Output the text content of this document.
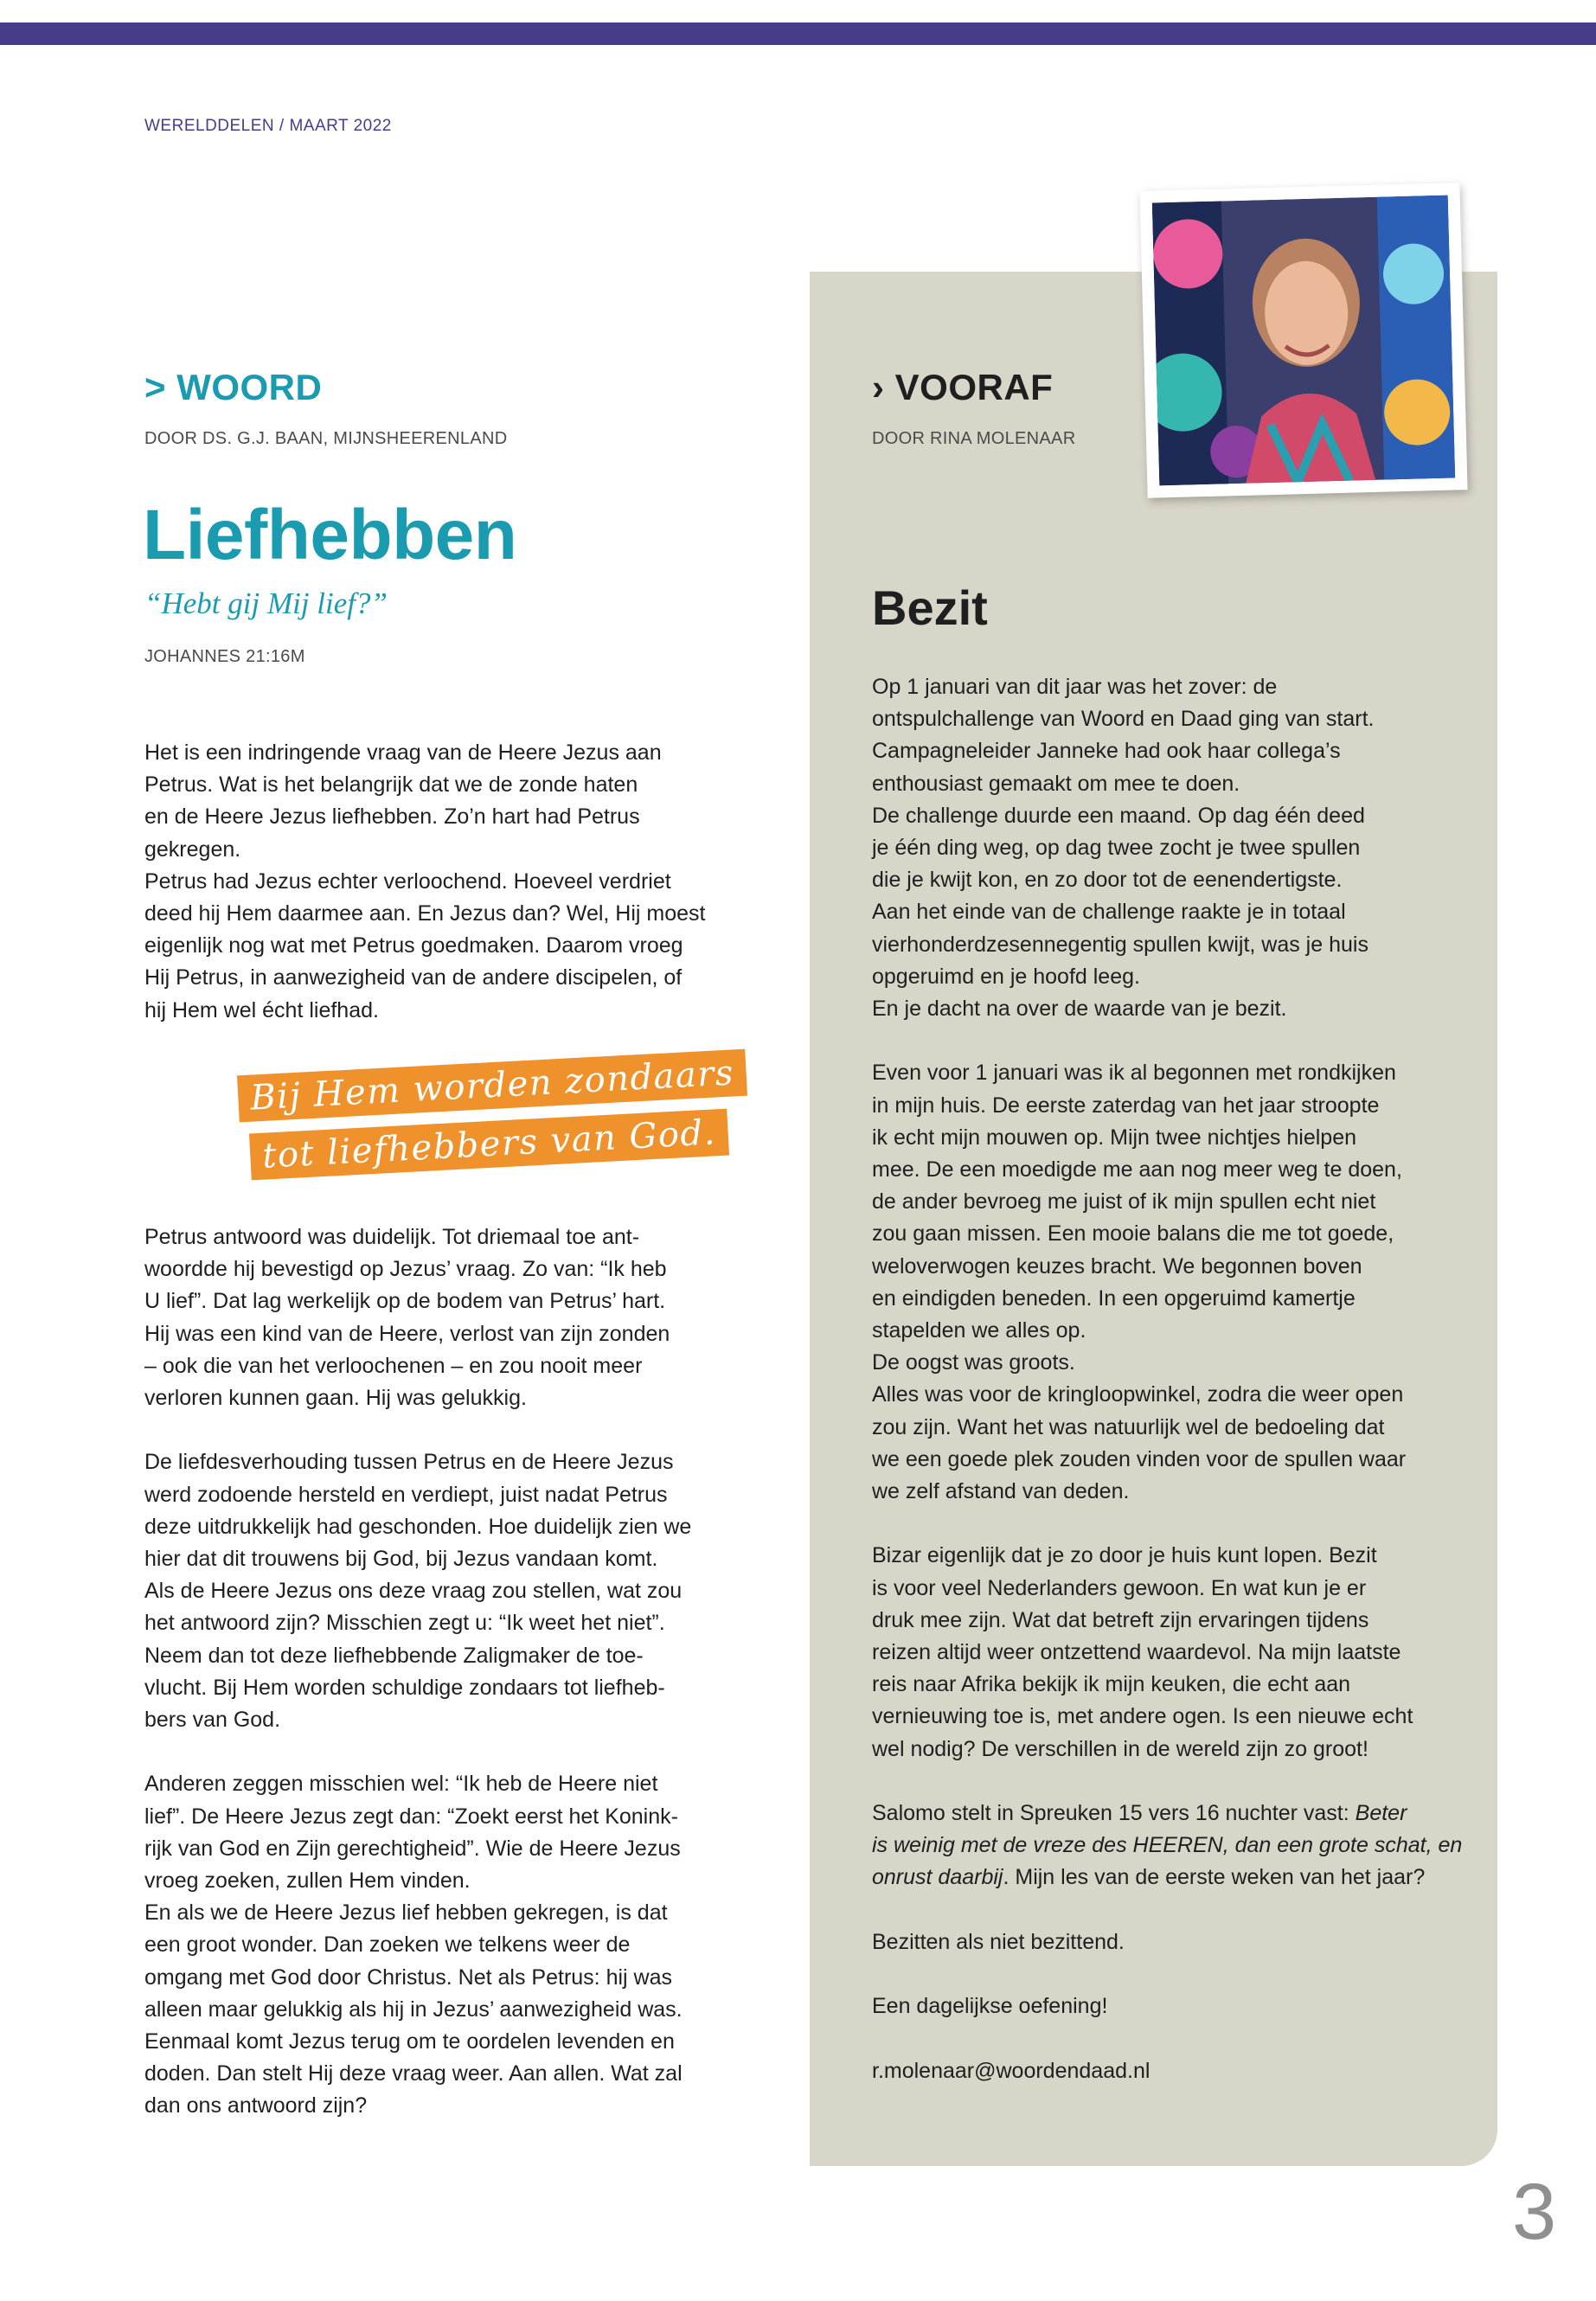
WERELDDELEN / MAART 2022
> WOORD
DOOR DS. G.J. BAAN, MIJNSHEERENLAND
Liefhebben
“Hebt gij Mij lief?”
JOHANNES 21:16M

Het is een indringende vraag van de Heere Jezus aan
Petrus. Wat is het belangrijk dat we de zonde haten
en de Heere Jezus liefhebben. Zo’n hart had Petrus
gekregen.
Petrus had Jezus echter verloochend. Hoeveel verdriet
deed hij Hem daarmee aan. En Jezus dan? Wel, Hij moest
eigenlijk nog wat met Petrus goedmaken. Daarom vroeg
Hij Petrus, in aanwezigheid van de andere discipelen, of
hij Hem wel écht liefhad.

Bij Hem worden zondaars
tot liefhebbers van God.

Petrus antwoord was duidelijk. Tot driemaal toe ant-
woordde hij bevestigd op Jezus’ vraag. Zo van: “Ik heb
U lief”. Dat lag werkelijk op de bodem van Petrus’ hart.
Hij was een kind van de Heere, verlost van zijn zonden
– ook die van het verloochenen – en zou nooit meer
verloren kunnen gaan. Hij was gelukkig.

De liefdesverhouding tussen Petrus en de Heere Jezus
werd zodoende hersteld en verdiept, juist nadat Petrus
deze uitdrukkelijk had geschonden. Hoe duidelijk zien we
hier dat dit trouwens bij God, bij Jezus vandaan komt.
Als de Heere Jezus ons deze vraag zou stellen, wat zou
het antwoord zijn? Misschien zegt u: “Ik weet het niet”.
Neem dan tot deze liefhebbende Zaligmaker de toe-
vlucht. Bij Hem worden schuldige zondaars tot liefheb-
bers van God.

Anderen zeggen misschien wel: “Ik heb de Heere niet
lief”. De Heere Jezus zegt dan: “Zoekt eerst het Konink-
rijk van God en Zijn gerechtigheid”. Wie de Heere Jezus
vroeg zoeken, zullen Hem vinden.
En als we de Heere Jezus lief hebben gekregen, is dat
een groot wonder. Dan zoeken we telkens weer de
omgang met God door Christus. Net als Petrus: hij was
alleen maar gelukkig als hij in Jezus’ aanwezigheid was.
Eenmaal komt Jezus terug om te oordelen levenden en
doden. Dan stelt Hij deze vraag weer. Aan allen. Wat zal
dan ons antwoord zijn?

› VOORAF
DOOR RINA MOLENAAR
Bezit

Op 1 januari van dit jaar was het zover: de
ontspulchallenge van Woord en Daad ging van start.
Campagneleider Janneke had ook haar collega’s
enthousiast gemaakt om mee te doen.
De challenge duurde een maand. Op dag één deed
je één ding weg, op dag twee zocht je twee spullen
die je kwijt kon, en zo door tot de eenendertigste.
Aan het einde van de challenge raakte je in totaal
vierhonderdzesennegentig spullen kwijt, was je huis
opgeruimd en je hoofd leeg.
En je dacht na over de waarde van je bezit.

Even voor 1 januari was ik al begonnen met rondkijken
in mijn huis. De eerste zaterdag van het jaar stroopte
ik echt mijn mouwen op. Mijn twee nichtjes hielpen
mee. De een moedigde me aan nog meer weg te doen,
de ander bevroeg me juist of ik mijn spullen echt niet
zou gaan missen. Een mooie balans die me tot goede,
weloverwogen keuzes bracht. We begonnen boven
en eindigden beneden. In een opgeruimd kamertje
stapelden we alles op.
De oogst was groots.
Alles was voor de kringloopwinkel, zodra die weer open
zou zijn. Want het was natuurlijk wel de bedoeling dat
we een goede plek zouden vinden voor de spullen waar
we zelf afstand van deden.

Bizar eigenlijk dat je zo door je huis kunt lopen. Bezit
is voor veel Nederlanders gewoon. En wat kun je er
druk mee zijn. Wat dat betreft zijn ervaringen tijdens
reizen altijd weer ontzettend waardevol. Na mijn laatste
reis naar Afrika bekijk ik mijn keuken, die echt aan
vernieuwing toe is, met andere ogen. Is een nieuwe echt
wel nodig? De verschillen in de wereld zijn zo groot!

Salomo stelt in Spreuken 15 vers 16 nuchter vast: Beter
is weinig met de vreze des HEEREN, dan een grote schat, en
onrust daarbij. Mijn les van de eerste weken van het jaar?

Bezitten als niet bezittend.

Een dagelijkse oefening!

r.molenaar@woordendaad.nl

3
